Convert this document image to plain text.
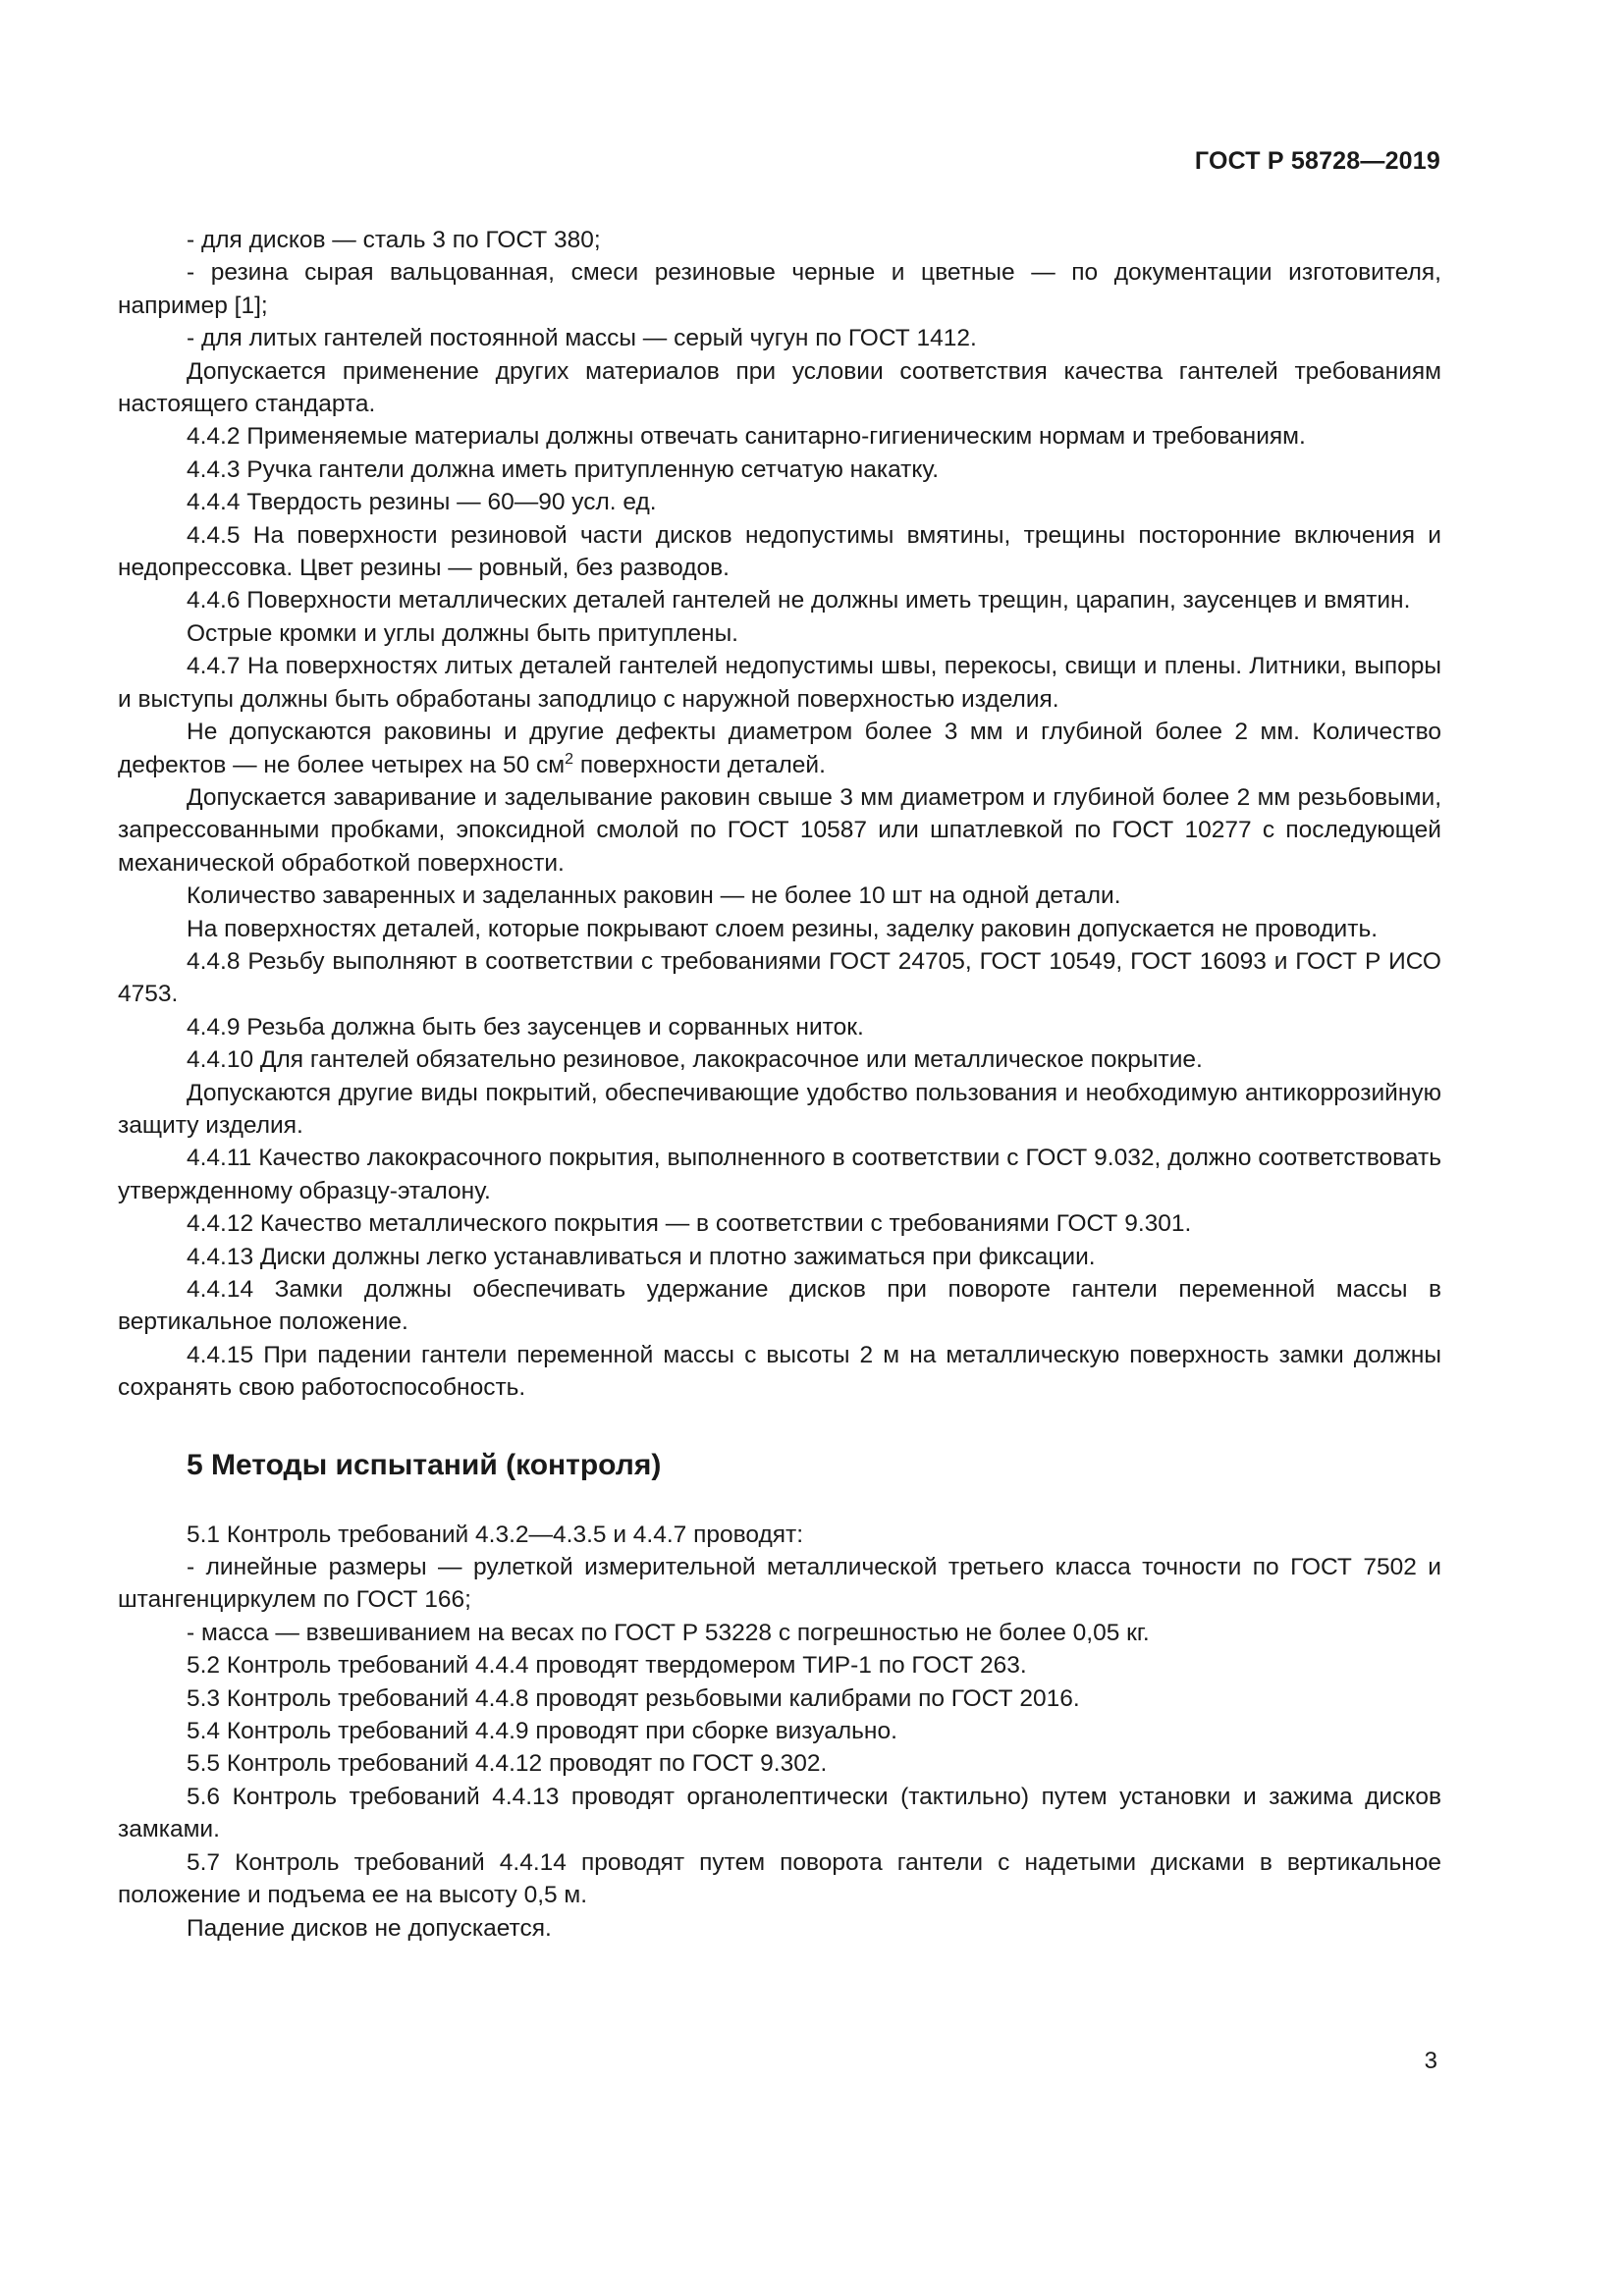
ГОСТ Р 58728—2019

- для дисков — сталь 3 по ГОСТ 380;

- резина сырая вальцованная, смеси резиновые черные и цветные — по документации изготовителя, например [1];

- для литых гантелей постоянной массы — серый чугун по ГОСТ 1412.

Допускается применение других материалов при условии соответствия качества гантелей требованиям настоящего стандарта.

4.4.2 Применяемые материалы должны отвечать санитарно-гигиеническим нормам и требованиям.

4.4.3 Ручка гантели должна иметь притупленную сетчатую накатку.

4.4.4 Твердость резины — 60—90 усл. ед.

4.4.5 На поверхности резиновой части дисков недопустимы вмятины, трещины посторонние включения и недопрессовка. Цвет резины — ровный, без разводов.

4.4.6 Поверхности металлических деталей гантелей не должны иметь трещин, царапин, заусенцев и вмятин.

Острые кромки и углы должны быть притуплены.

4.4.7 На поверхностях литых деталей гантелей недопустимы швы, перекосы, свищи и плены. Литники, выпоры и выступы должны быть обработаны заподлицо с наружной поверхностью изделия.

Не допускаются раковины и другие дефекты диаметром более 3 мм и глубиной более 2 мм. Количество дефектов — не более четырех на 50 $см^2$ поверхности деталей.

Допускается заваривание и заделывание раковин свыше 3 мм диаметром и глубиной более 2 мм резьбовыми, запрессованными пробками, эпоксидной смолой по ГОСТ 10587 или шпатлевкой по ГОСТ 10277 с последующей механической обработкой поверхности.

Количество заваренных и заделанных раковин — не более 10 шт на одной детали.

На поверхностях деталей, которые покрывают слоем резины, заделку раковин допускается не проводить.

4.4.8 Резьбу выполняют в соответствии с требованиями ГОСТ 24705, ГОСТ 10549, ГОСТ 16093 и ГОСТ Р ИСО 4753.

4.4.9 Резьба должна быть без заусенцев и сорванных ниток.

4.4.10 Для гантелей обязательно резиновое, лакокрасочное или металлическое покрытие.

Допускаются другие виды покрытий, обеспечивающие удобство пользования и необходимую антикоррозийную защиту изделия.

4.4.11 Качество лакокрасочного покрытия, выполненного в соответствии с ГОСТ 9.032, должно соответствовать утвержденному образцу-эталону.

4.4.12 Качество металлического покрытия — в соответствии с требованиями ГОСТ 9.301.

4.4.13 Диски должны легко устанавливаться и плотно зажиматься при фиксации.

4.4.14 Замки должны обеспечивать удержание дисков при повороте гантели переменной массы в вертикальное положение.

4.4.15 При падении гантели переменной массы с высоты 2 м на металлическую поверхность замки должны сохранять свою работоспособность.

5 Методы испытаний (контроля)

5.1 Контроль требований 4.3.2—4.3.5 и 4.4.7 проводят:

- линейные размеры — рулеткой измерительной металлической третьего класса точности по ГОСТ 7502 и штангенциркулем по ГОСТ 166;

- масса — взвешиванием на весах по ГОСТ Р 53228 с погрешностью не более 0,05 кг.

5.2 Контроль требований 4.4.4 проводят твердомером ТИР-1 по ГОСТ 263.

5.3 Контроль требований 4.4.8 проводят резьбовыми калибрами по ГОСТ 2016.

5.4 Контроль требований 4.4.9 проводят при сборке визуально.

5.5 Контроль требований 4.4.12 проводят по ГОСТ 9.302.

5.6 Контроль требований 4.4.13 проводят органолептически (тактильно) путем установки и зажима дисков замками.

5.7 Контроль требований 4.4.14 проводят путем поворота гантели с надетыми дисками в вертикальное положение и подъема ее на высоту 0,5 м.

Падение дисков не допускается.

3
